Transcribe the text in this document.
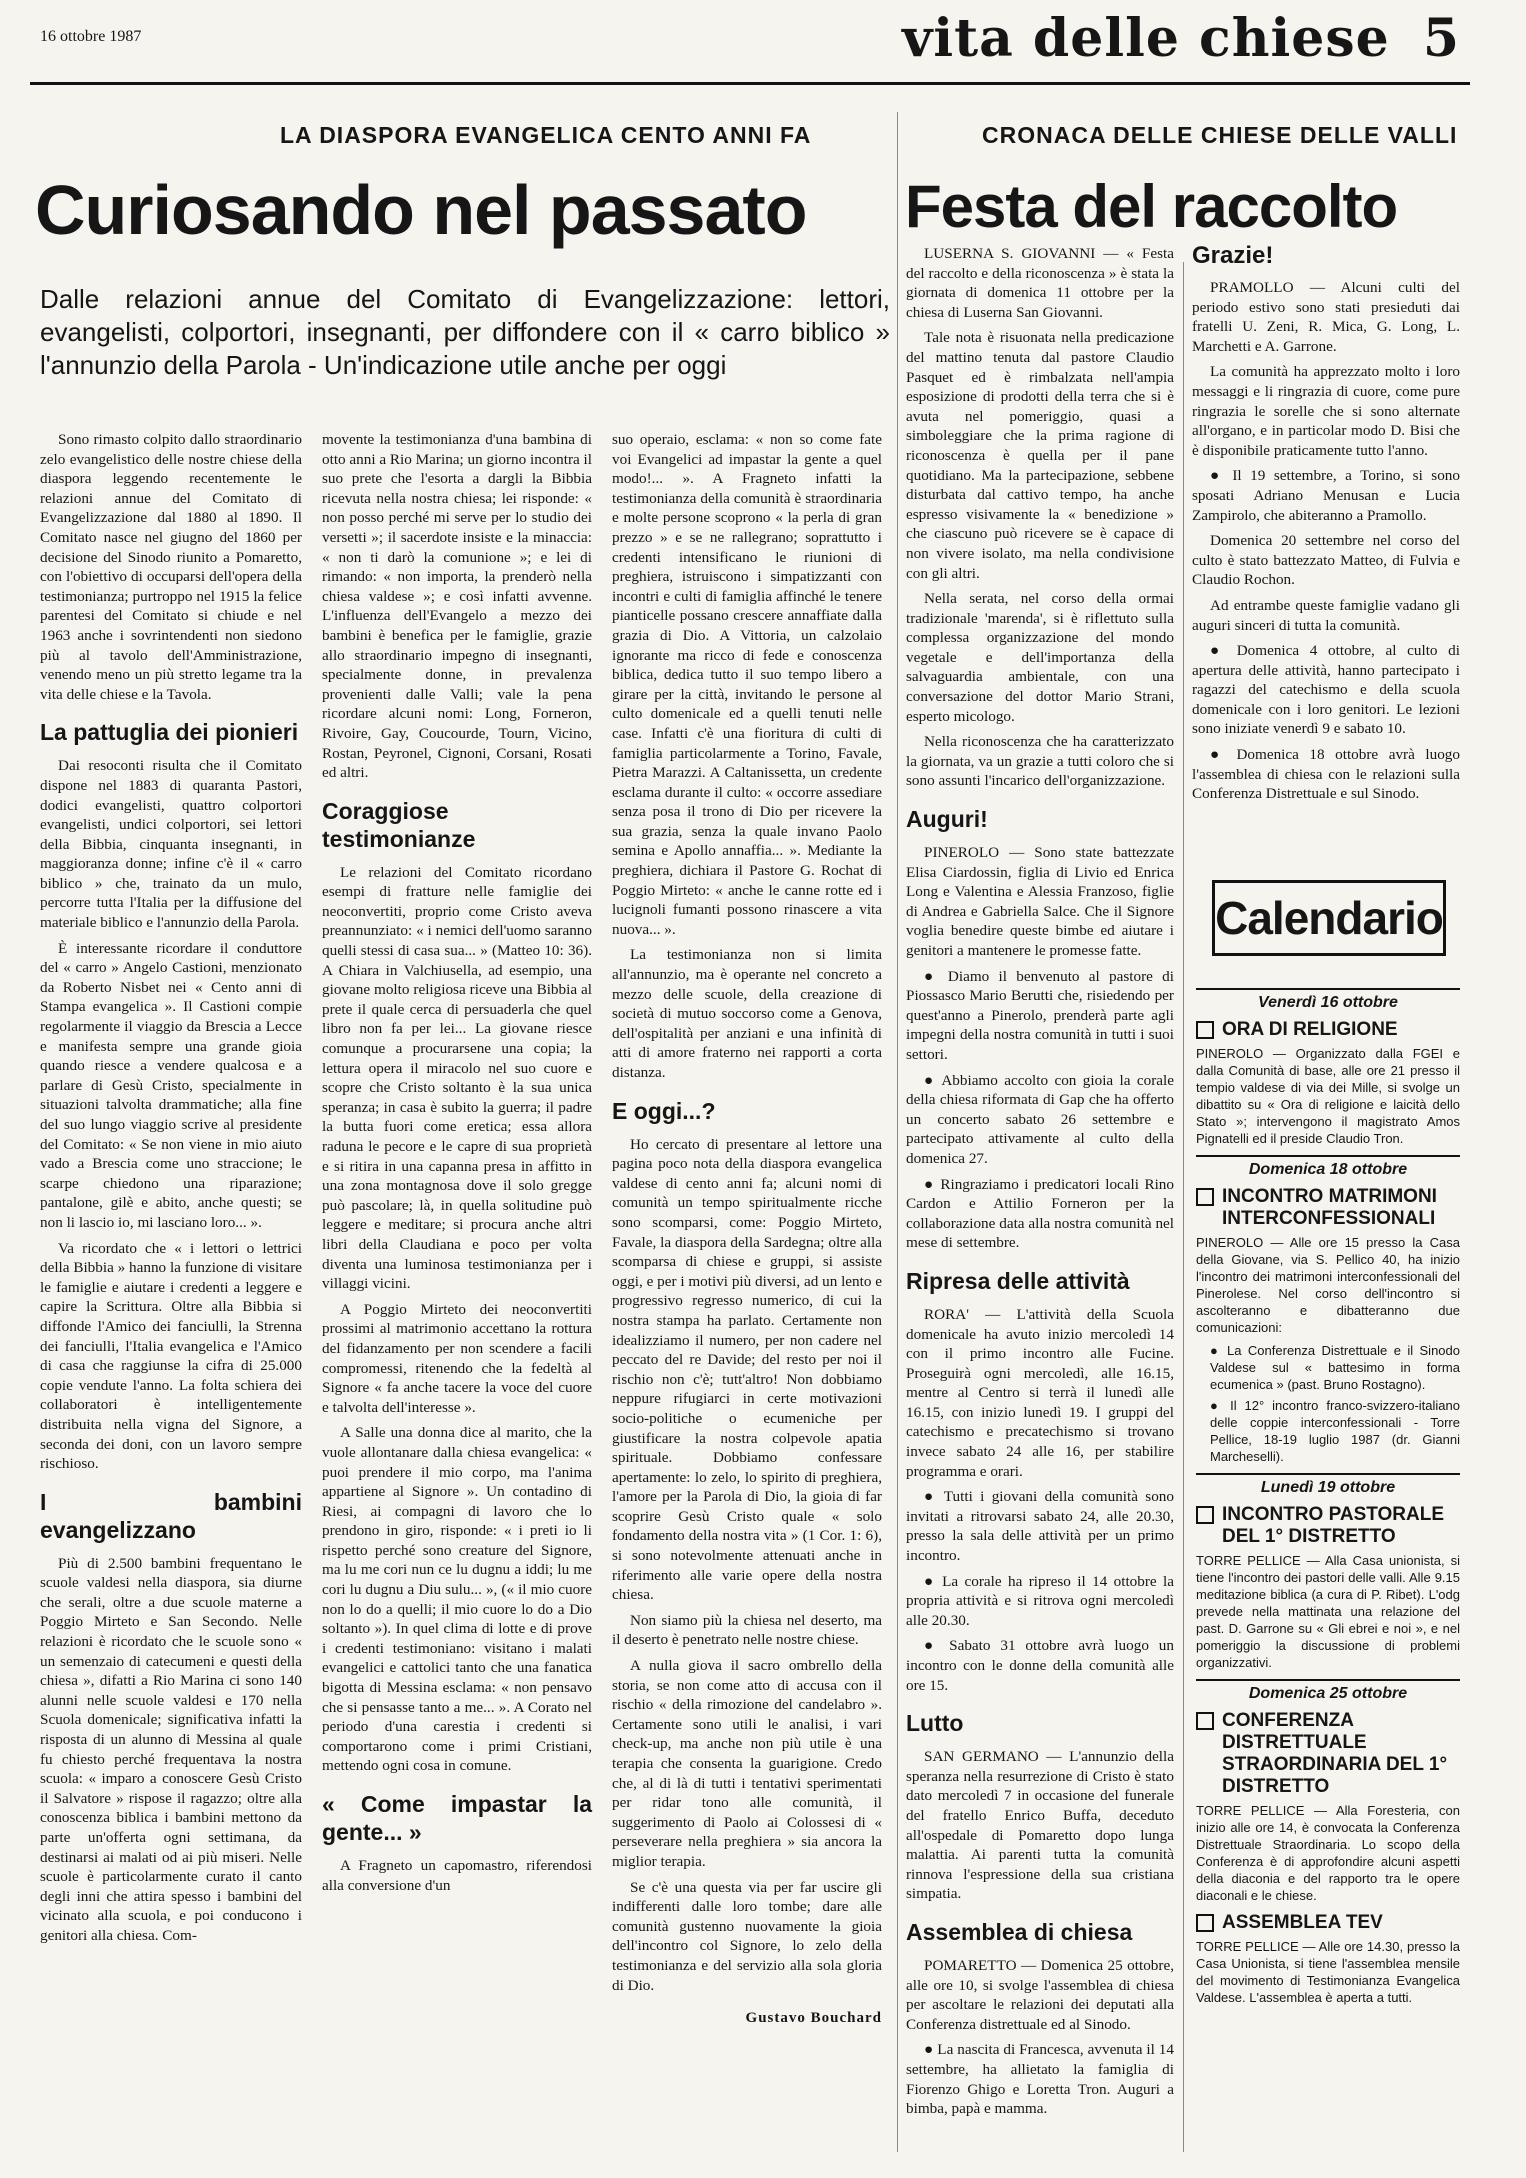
16 ottobre 1987	vita delle chiese 5
LA DIASPORA EVANGELICA CENTO ANNI FA	CRONACA DELLE CHIESE DELLE VALLI
Curiosando nel passato Festa del raccolto
Dalle relazioni annue del Comitato di Evangelizzazione: lettori, evangelisti, colportori, insegnanti, per diffondere con il « carro biblico » l'annunzio della Parola - Un'indicazione utile anche per oggi

Sono rimasto colpito dallo straordinario zelo evangelistico delle nostre chiese della diaspora leggendo recentemente le relazioni annue del Comitato di Evangelizzazione dal 1880 al 1890. Il Comitato nasce nel giugno del 1860 per decisione del Sinodo riunito a Pomaretto, con l'obiettivo di occuparsi dell'opera della testimonianza; purtroppo nel 1915 la felice parentesi del Comitato si chiude e nel 1963 anche i sovrintendenti non siedono più al tavolo dell'Amministrazione, venendo meno un più stretto legame tra la vita delle chiese e la Tavola.

La pattuglia dei pionieri

Dai resoconti risulta che il Comitato dispone nel 1883 di quaranta Pastori, dodici evangelisti, quattro colportori evangelisti, undici colportori, sei lettori della Bibbia, cinquanta insegnanti, in maggioranza donne; infine c'è il « carro biblico » che, trainato da un mulo, percorre tutta l'Italia per la diffusione del materiale biblico e l'annunzio della Parola.

È interessante ricordare il conduttore del « carro » Angelo Castioni, menzionato da Roberto Nisbet nei « Cento anni di Stampa evangelica ». Il Castioni compie regolarmente il viaggio da Brescia a Lecce e manifesta sempre una grande gioia quando riesce a vendere qualcosa e a parlare di Gesù Cristo, specialmente in situazioni talvolta drammatiche; alla fine del suo lungo viaggio scrive al presidente del Comitato: « Se non viene in mio aiuto vado a Brescia come uno straccione; le scarpe chiedono una riparazione; pantalone, gilè e abito, anche questi; se non li lascio io, mi lasciano loro... ».

Va ricordato che « i lettori o lettrici della Bibbia » hanno la funzione di visitare le famiglie e aiutare i credenti a leggere e capire la Scrittura. Oltre alla Bibbia si diffonde l'Amico dei fanciulli, la Strenna dei fanciulli, l'Italia evangelica e l'Amico di casa che raggiunse la cifra di 25.000 copie vendute l'anno. La folta schiera dei collaboratori è intelligentemente distribuita nella vigna del Signore, a seconda dei doni, con un lavoro sempre rischioso.

I bambini evangelizzano

Più di 2.500 bambini frequentano le scuole valdesi nella diaspora, sia diurne che serali, oltre a due scuole materne a Poggio Mirteto e San Secondo. Nelle relazioni è ricordato che le scuole sono « un semenzaio di catecumeni e questi della chiesa », difatti a Rio Marina ci sono 140 alunni nelle scuole valdesi e 170 nella Scuola domenicale; significativa infatti la risposta di un alunno di Messina al quale fu chiesto perché frequentava la nostra scuola: « imparo a conoscere Gesù Cristo il Salvatore » rispose il ragazzo; oltre alla conoscenza biblica i bambini mettono da parte un'offerta ogni settimana, da destinarsi ai malati od ai più miseri. Nelle scuole è particolarmente curato il canto degli inni che attira spesso i bambini del vicinato alla scuola, e poi conducono i genitori alla chiesa. Com-

movente la testimonianza d'una bambina di otto anni a Rio Marina; un giorno incontra il suo prete che l'esorta a dargli la Bibbia ricevuta nella nostra chiesa; lei risponde: « non posso perché mi serve per lo studio dei versetti »; il sacerdote insiste e la minaccia: « non ti darò la comunione »; e lei di rimando: « non importa, la prenderò nella chiesa valdese »; e così infatti avvenne. L'influenza dell'Evangelo a mezzo dei bambini è benefica per le famiglie, grazie allo straordinario impegno di insegnanti, specialmente donne, in prevalenza provenienti dalle Valli; vale la pena ricordare alcuni nomi: Long, Forneron, Rivoire, Gay, Coucourde, Tourn, Vicino, Rostan, Peyronel, Cignoni, Corsani, Rosati ed altri.

Coraggiose testimonianze

Le relazioni del Comitato ricordano esempi di fratture nelle famiglie dei neoconvertiti, proprio come Cristo aveva preannunziato: « i nemici dell'uomo saranno quelli stessi di casa sua... » (Matteo 10: 36). A Chiara in Valchiusella, ad esempio, una giovane molto religiosa riceve una Bibbia al prete il quale cerca di persuaderla che quel libro non fa per lei... La giovane riesce comunque a procurarsene una copia; la lettura opera il miracolo nel suo cuore e scopre che Cristo soltanto è la sua unica speranza; in casa è subito la guerra; il padre la butta fuori come eretica; essa allora raduna le pecore e le capre di sua proprietà e si ritira in una capanna presa in affitto in una zona montagnosa dove il solo gregge può pascolare; là, in quella solitudine può leggere e meditare; si procura anche altri libri della Claudiana e poco per volta diventa una luminosa testimonianza per i villaggi vicini.

A Poggio Mirteto dei neoconvertiti prossimi al matrimonio accettano la rottura del fidanzamento per non scendere a facili compromessi, ritenendo che la fedeltà al Signore « fa anche tacere la voce del cuore e talvolta dell'interesse ».

A Salle una donna dice al marito, che la vuole allontanare dalla chiesa evangelica: « puoi prendere il mio corpo, ma l'anima appartiene al Signore ». Un contadino di Riesi, ai compagni di lavoro che lo prendono in giro, risponde: « i preti io li rispetto perché sono creature del Signore, ma lu me cori nun ce lu dugnu a iddi; lu me cori lu dugnu a Diu sulu... », (« il mio cuore non lo do a quelli; il mio cuore lo do a Dio soltanto »). In quel clima di lotte e di prove i credenti testimoniano: visitano i malati evangelici e cattolici tanto che una fanatica bigotta di Messina esclama: « non pensavo che si pensasse tanto a me... ». A Corato nel periodo d'una carestia i credenti si comportarono come i primi Cristiani, mettendo ogni cosa in comune.

« Come impastar la gente... »

A Fragneto un capomastro, riferendosi alla conversione d'un

suo operaio, esclama: « non so come fate voi Evangelici ad impastar la gente a quel modo!... ». A Fragneto infatti la testimonianza della comunità è straordinaria e molte persone scoprono « la perla di gran prezzo » e se ne rallegrano; soprattutto i credenti intensificano le riunioni di preghiera, istruiscono i simpatizzanti con incontri e culti di famiglia affinché le tenere pianticelle possano crescere annaffiate dalla grazia di Dio. A Vittoria, un calzolaio ignorante ma ricco di fede e conoscenza biblica, dedica tutto il suo tempo libero a girare per la città, invitando le persone al culto domenicale ed a quelli tenuti nelle case. Infatti c'è una fioritura di culti di famiglia particolarmente a Torino, Favale, Pietra Marazzi. A Caltanissetta, un credente esclama durante il culto: « occorre assediare senza posa il trono di Dio per ricevere la sua grazia, senza la quale invano Paolo semina e Apollo annaffia... ». Mediante la preghiera, dichiara il Pastore G. Rochat di Poggio Mirteto: « anche le canne rotte ed i lucignoli fumanti possono rinascere a vita nuova... ».

La testimonianza non si limita all'annunzio, ma è operante nel concreto a mezzo delle scuole, della creazione di società di mutuo soccorso come a Genova, dell'ospitalità per anziani e una infinità di atti di amore fraterno nei rapporti a corta distanza.

E oggi...?

Ho cercato di presentare al lettore una pagina poco nota della diaspora evangelica valdese di cento anni fa; alcuni nomi di comunità un tempo spiritualmente ricche sono scomparsi, come: Poggio Mirteto, Favale, la diaspora della Sardegna; oltre alla scomparsa di chiese e gruppi, si assiste oggi, e per i motivi più diversi, ad un lento e progressivo regresso numerico, di cui la nostra stampa ha parlato. Certamente non idealizziamo il numero, per non cadere nel peccato del re Davide; del resto per noi il rischio non c'è; tutt'altro! Non dobbiamo neppure rifugiarci in certe motivazioni socio-politiche o ecumeniche per giustificare la nostra colpevole apatia spirituale. Dobbiamo confessare apertamente: lo zelo, lo spirito di preghiera, l'amore per la Parola di Dio, la gioia di far scoprire Gesù Cristo quale « solo fondamento della nostra vita » (1 Cor. 1: 6), si sono notevolmente attenuati anche in riferimento alle varie opere della nostra chiesa.

Non siamo più la chiesa nel deserto, ma il deserto è penetrato nelle nostre chiese.

A nulla giova il sacro ombrello della storia, se non come atto di accusa con il rischio « della rimozione del candelabro ». Certamente sono utili le analisi, i vari check-up, ma anche non più utile è una terapia che consenta la guarigione. Credo che, al di là di tutti i tentativi sperimentati per ridar tono alle comunità, il suggerimento di Paolo ai Colossesi di « perseverare nella preghiera » sia ancora la miglior terapia.

Se c'è una questa via per far uscire gli indifferenti dalle loro tombe; dare alle comunità gustenno nuovamente la gioia dell'incontro col Signore, lo zelo della testimonianza e del servizio alla sola gloria di Dio.

Gustavo Bouchard

LUSERNA S. GIOVANNI — « Festa del raccolto e della riconoscenza » è stata la giornata di domenica 11 ottobre per la chiesa di Luserna San Giovanni.

Tale nota è risuonata nella predicazione del mattino tenuta dal pastore Claudio Pasquet ed è rimbalzata nell'ampia esposizione di prodotti della terra che si è avuta nel pomeriggio, quasi a simboleggiare che la prima ragione di riconoscenza è quella per il pane quotidiano. Ma la partecipazione, sebbene disturbata dal cattivo tempo, ha anche espresso visivamente la « benedizione » che ciascuno può ricevere se è capace di non vivere isolato, ma nella condivisione con gli altri.

Nella serata, nel corso della ormai tradizionale 'marenda', si è riflettuto sulla complessa organizzazione del mondo vegetale e dell'importanza della salvaguardia ambientale, con una conversazione del dottor Mario Strani, esperto micologo.

Nella riconoscenza che ha caratterizzato la giornata, va un grazie a tutti coloro che si sono assunti l'incarico dell'organizzazione.

Auguri!

PINEROLO — Sono state battezzate Elisa Ciardossin, figlia di Livio ed Enrica Long e Valentina e Alessia Franzoso, figlie di Andrea e Gabriella Salce. Che il Signore voglia benedire queste bimbe ed aiutare i genitori a mantenere le promesse fatte.

● Diamo il benvenuto al pastore di Piossasco Mario Berutti che, risiedendo per quest'anno a Pinerolo, prenderà parte agli impegni della nostra comunità in tutti i suoi settori.

● Abbiamo accolto con gioia la corale della chiesa riformata di Gap che ha offerto un concerto sabato 26 settembre e partecipato attivamente al culto della domenica 27.

● Ringraziamo i predicatori locali Rino Cardon e Attilio Forneron per la collaborazione data alla nostra comunità nel mese di settembre.

Ripresa delle attività

RORA' — L'attività della Scuola domenicale ha avuto inizio mercoledì 14 con il primo incontro alle Fucine. Proseguirà ogni mercoledì, alle 16.15, mentre al Centro si terrà il lunedì alle 16.15, con inizio lunedì 19. I gruppi del catechismo e precatechismo si trovano invece sabato 24 alle 16, per stabilire programma e orari.

● Tutti i giovani della comunità sono invitati a ritrovarsi sabato 24, alle 20.30, presso la sala delle attività per un primo incontro.

● La corale ha ripreso il 14 ottobre la propria attività e si ritrova ogni mercoledì alle 20.30.

● Sabato 31 ottobre avrà luogo un incontro con le donne della comunità alle ore 15.

Lutto

SAN GERMANO — L'annunzio della speranza nella resurrezione di Cristo è stato dato mercoledì 7 in occasione del funerale del fratello Enrico Buffa, deceduto all'ospedale di Pomaretto dopo lunga malattia. Ai parenti tutta la comunità rinnova l'espressione della sua cristiana simpatia.

Assemblea di chiesa

POMARETTO — Domenica 25 ottobre, alle ore 10, si svolge l'assemblea di chiesa per ascoltare le relazioni dei deputati alla Conferenza distrettuale ed al Sinodo.

● La nascita di Francesca, avvenuta il 14 settembre, ha allietato la famiglia di Fiorenzo Ghigo e Loretta Tron. Auguri a bimba, papà e mamma.

Grazie!

PRAMOLLO — Alcuni culti del periodo estivo sono stati presieduti dai fratelli U. Zeni, R. Mica, G. Long, L. Marchetti e A. Garrone.

La comunità ha apprezzato molto i loro messaggi e li ringrazia di cuore, come pure ringrazia le sorelle che si sono alternate all'organo, e in particolar modo D. Bisi che è disponibile praticamente tutto l'anno.

● Il 19 settembre, a Torino, si sono sposati Adriano Menusan e Lucia Zampirolo, che abiteranno a Pramollo.

Domenica 20 settembre nel corso del culto è stato battezzato Matteo, di Fulvia e Claudio Rochon.

Ad entrambe queste famiglie vadano gli auguri sinceri di tutta la comunità.

● Domenica 4 ottobre, al culto di apertura delle attività, hanno partecipato i ragazzi del catechismo e della scuola domenicale con i loro genitori. Le lezioni sono iniziate venerdì 9 e sabato 10.

● Domenica 18 ottobre avrà luogo l'assemblea di chiesa con le relazioni sulla Conferenza Distrettuale e sul Sinodo.

Calendario
Venerdì 16 ottobre
ORA DI RELIGIONE

PINEROLO — Organizzato dalla FGEI e dalla Comunità di base, alle ore 21 presso il tempio valdese di via dei Mille, si svolge un dibattito su « Ora di religione e laicità dello Stato »; intervengono il magistrato Amos Pignatelli ed il preside Claudio Tron.

Domenica 18 ottobre
INCONTRO MATRIMONI INTERCONFESSIONALI

PINEROLO — Alle ore 15 presso la Casa della Giovane, via S. Pellico 40, ha inizio l'incontro dei matrimoni interconfessionali del Pinerolese. Nel corso dell'incontro si ascolteranno e dibatteranno due comunicazioni:

● La Conferenza Distrettuale e il Sinodo Valdese sul « battesimo in forma ecumenica » (past. Bruno Rostagno).

● Il 12° incontro franco-svizzero-italiano delle coppie interconfessionali - Torre Pellice, 18-19 luglio 1987 (dr. Gianni Marcheselli).

Lunedì 19 ottobre
INCONTRO PASTORALE DEL 1° DISTRETTO

TORRE PELLICE — Alla Casa unionista, si tiene l'incontro dei pastori delle valli. Alle 9.15 meditazione biblica (a cura di P. Ribet). L'odg prevede nella mattinata una relazione del past. D. Garrone su « Gli ebrei e noi », e nel pomeriggio la discussione di problemi organizzativi.

Domenica 25 ottobre
CONFERENZA DISTRETTUALE STRAORDINARIA DEL 1° DISTRETTO

TORRE PELLICE — Alla Foresteria, con inizio alle ore 14, è convocata la Conferenza Distrettuale Straordinaria. Lo scopo della Conferenza è di approfondire alcuni aspetti della diaconia e del rapporto tra le opere diaconali e le chiese.

ASSEMBLEA TEV

TORRE PELLICE — Alle ore 14.30, presso la Casa Unionista, si tiene l'assemblea mensile del movimento di Testimonianza Evangelica Valdese. L'assemblea è aperta a tutti.
